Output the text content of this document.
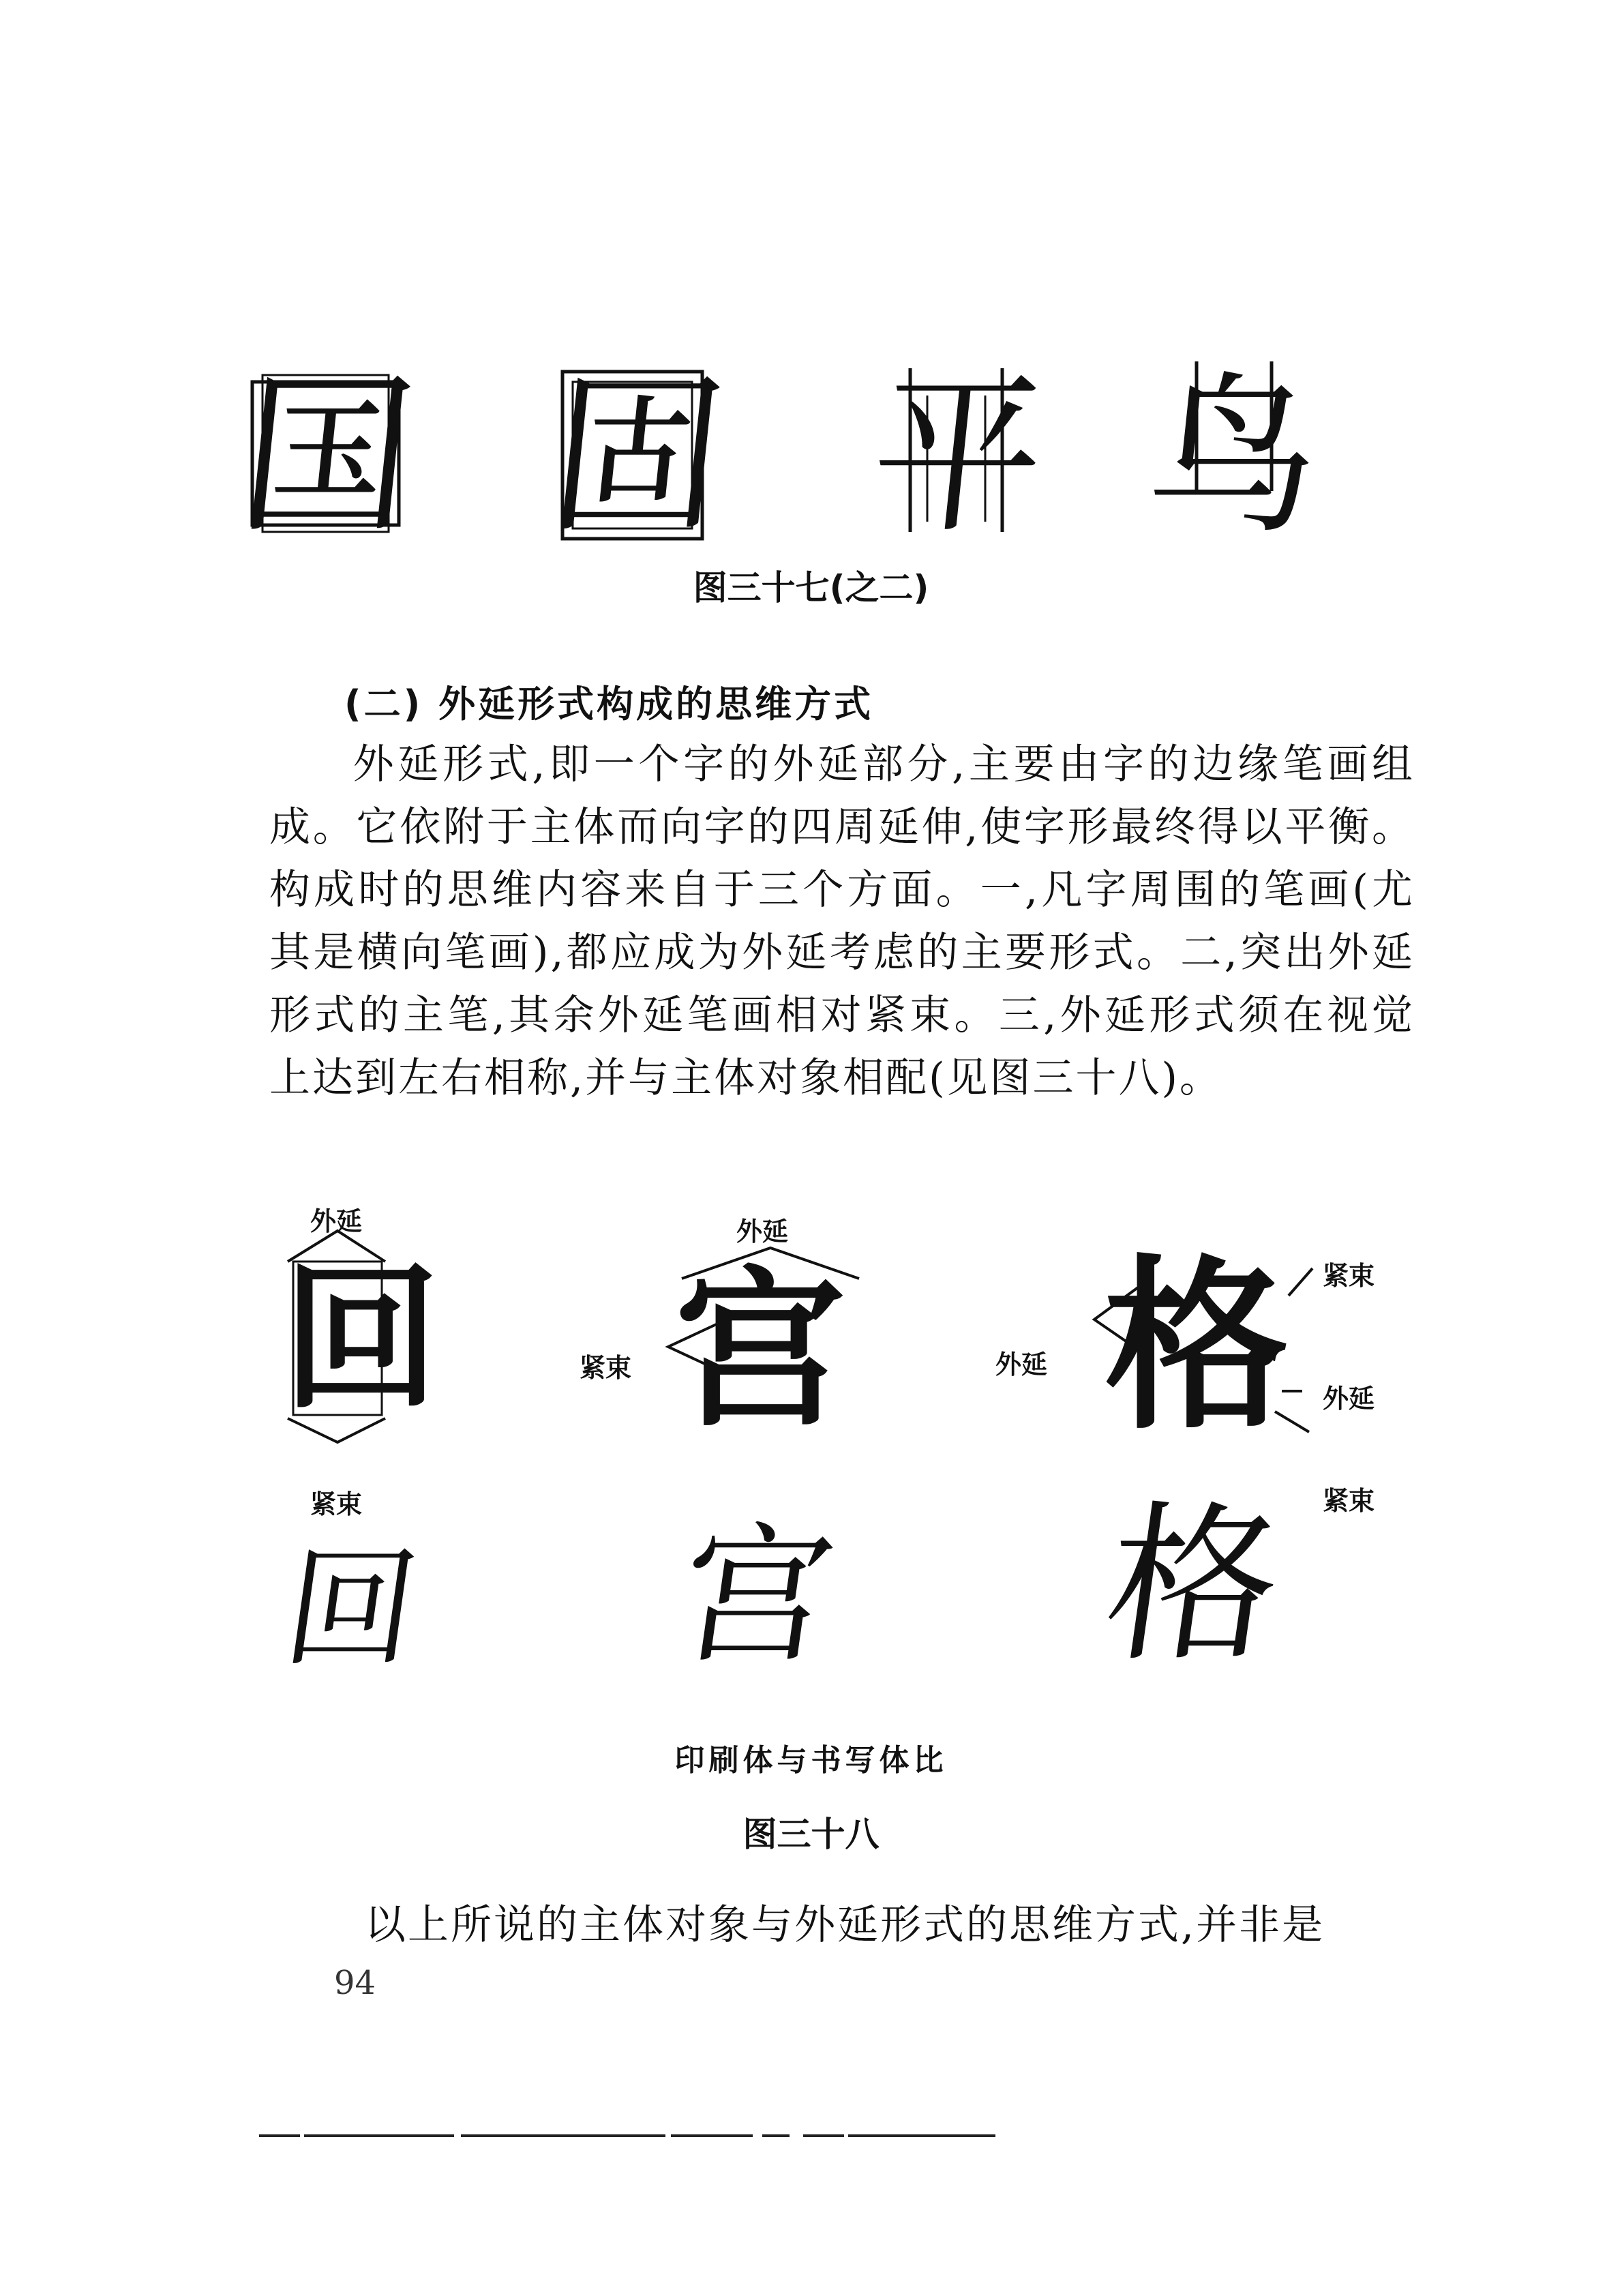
国 固 平 鸟
图三十七(之二)
(二) 外延形式构成的思维方式
外延形式,即一个字的外延部分,主要由字的边缘笔画组成。它依附于主体而向字的四周延伸,使字形最终得以平衡。构成时的思维内容来自于三个方面。一,凡字周围的笔画(尤其是横向笔画),都应成为外延考虑的主要形式。二,突出外延形式的主笔,其余外延笔画相对紧束。三,外延形式须在视觉上达到左右相称,并与主体对象相配(见图三十八)。
外延
紧束
外延
紧束	外延
紧束
外延
紧束
回 宫 格
回 宫 格
印刷体与书写体比
图三十八
以上所说的主体对象与外延形式的思维方式,并非是
94
